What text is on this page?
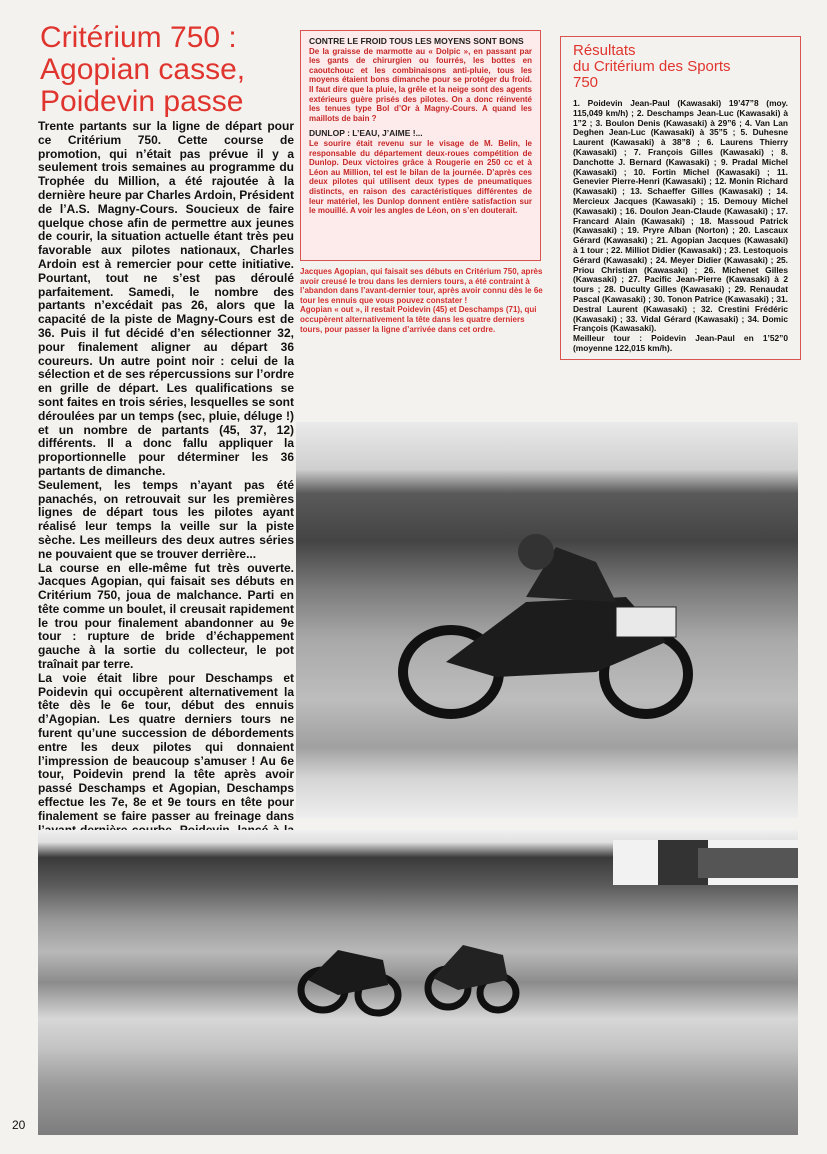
Critérium 750 :
Agopian casse,
Poidevin passe

Trente partants sur la ligne de départ pour ce Critérium 750. Cette course de promotion, qui n’était pas prévue il y a seulement trois semaines au programme du Trophée du Million, a été rajoutée à la dernière heure par Charles Ardoin, Président de l’A.S. Magny-Cours. Soucieux de faire quelque chose afin de permettre aux jeunes de courir, la situation actuelle étant très peu favorable aux pilotes nationaux, Charles Ardoin est à remercier pour cette initiative. Pourtant, tout ne s’est pas déroulé parfaitement. Samedi, le nombre des partants n’excédait pas 26, alors que la capacité de la piste de Magny-Cours est de 36. Puis il fut décidé d’en sélectionner 32, pour finalement aligner au départ 36 coureurs. Un autre point noir : celui de la sélection et de ses répercussions sur l’ordre en grille de départ. Les qualifications se sont faites en trois séries, lesquelles se sont déroulées par un temps (sec, pluie, déluge !) et un nombre de partants (45, 37, 12) différents. Il a donc fallu appliquer la proportionnelle pour déterminer les 36 partants de dimanche.

Seulement, les temps n’ayant pas été panachés, on retrouvait sur les premières lignes de départ tous les pilotes ayant réalisé leur temps la veille sur la piste sèche. Les meilleurs des deux autres séries ne pouvaient que se trouver derrière...

La course en elle-même fut très ouverte. Jacques Agopian, qui faisait ses débuts en Critérium 750, joua de malchance. Parti en tête comme un boulet, il creusait rapidement le trou pour finalement abandonner au 9e tour : rupture de bride d’échappement gauche à la sortie du collecteur, le pot traînait par terre.

La voie était libre pour Deschamps et Poidevin qui occupèrent alternativement la tête dès le 6e tour, début des ennuis d’Agopian. Les quatre derniers tours ne furent qu’une succession de débordements entre les deux pilotes qui donnaient l’impression de beaucoup s’amuser ! Au 6e tour, Poidevin prend la tête après avoir passé Deschamps et Agopian, Deschamps effectue les 7e, 8e et 9e tours en tête pour finalement se faire passer au freinage dans

CONTRE LE FROID TOUS LES MOYENS SONT BONS

De la graisse de marmotte au « Dolpic », en passant par les gants de chirurgien ou fourrés, les bottes en caoutchouc et les combinaisons anti-pluie, tous les moyens étaient bons dimanche pour se protéger du froid. Il faut dire que la pluie, la grêle et la neige sont des agents extérieurs guère prisés des pilotes. On a donc réinventé les tenues type Bol d’Or à Magny-Cours. A quand les maillots de bain ?

DUNLOP : L’EAU, J’AIME !...

Le sourire était revenu sur le visage de M. Belin, le responsable du département deux-roues compétition de Dunlop. Deux victoires grâce à Rougerie en 250 cc et à Léon au Million, tel est le bilan de la journée. D’après ces deux pilotes qui utilisent deux types de pneumatiques distincts, en raison des caractéristiques différentes de leur matériel, les Dunlop donnent entière satisfaction sur le mouillé. A voir les angles de Léon, on s’en douterait.

Jacques Agopian, qui faisait ses débuts en Critérium 750, après avoir creusé le trou dans les derniers tours, a été contraint à l’abandon dans l’avant-dernier tour, après avoir connu dès le 6e tour les ennuis que vous pouvez constater !

Agopian « out », il restait Poidevin (45) et Deschamps (71), qui occupèrent alternativement la tête dans les quatre derniers tours, pour passer la ligne d’arrivée dans cet ordre.

Résultats
du Critérium des Sports
750

1. Poidevin Jean-Paul (Kawasaki) 19’47”8 (moy. 115,049 km/h) ; 2. Deschamps Jean-Luc (Kawasaki) à 1”2 ; 3. Boulon Denis (Kawasaki) à 29”6 ; 4. Van Lan Deghen Jean-Luc (Kawasaki) à 35”5 ; 5. Duhesne Laurent (Kawasaki) à 38”8 ; 6. Laurens Thierry (Kawasaki) ; 7. François Gilles (Kawasaki) ; 8. Danchotte J. Bernard (Kawasaki) ; 9. Pradal Michel (Kawasaki) ; 10. Fortin Michel (Kawasaki) ; 11. Genevier Pierre-Henri (Kawasaki) ; 12. Monin Richard (Kawasaki) ; 13. Schaeffer Gilles (Kawasaki) ; 14. Mercieux Jacques (Kawasaki) ; 15. Demouy Michel (Kawasaki) ; 16. Doulon Jean-Claude (Kawasaki) ; 17. Francard Alain (Kawasaki) ; 18. Massoud Patrick (Kawasaki) ; 19. Pryre Alban (Norton) ; 20. Lascaux Gérard (Kawasaki) ; 21. Agopian Jacques (Kawasaki) à 1 tour ; 22. Milliot Didier (Kawasaki) ; 23. Lestoquois Gérard (Kawasaki) ; 24. Meyer Didier (Kawasaki) ; 25. Priou Christian (Kawasaki) ; 26. Michenet Gilles (Kawasaki) ; 27. Pacific Jean-Pierre (Kawasaki) à 2 tours ; 28. Duculty Gilles (Kawasaki) ; 29. Renaudat Pascal (Kawasaki) ; 30. Tonon Patrice (Kawasaki) ; 31. Destral Laurent (Kawasaki) ; 32. Crestini Frédéric (Kawasaki) ; 33. Vidal Gérard (Kawasaki) ; 34. Domic François (Kawasaki).

Meilleur tour : Poidevin Jean-Paul en 1’52”0 (moyenne 122,015 km/h).

20
